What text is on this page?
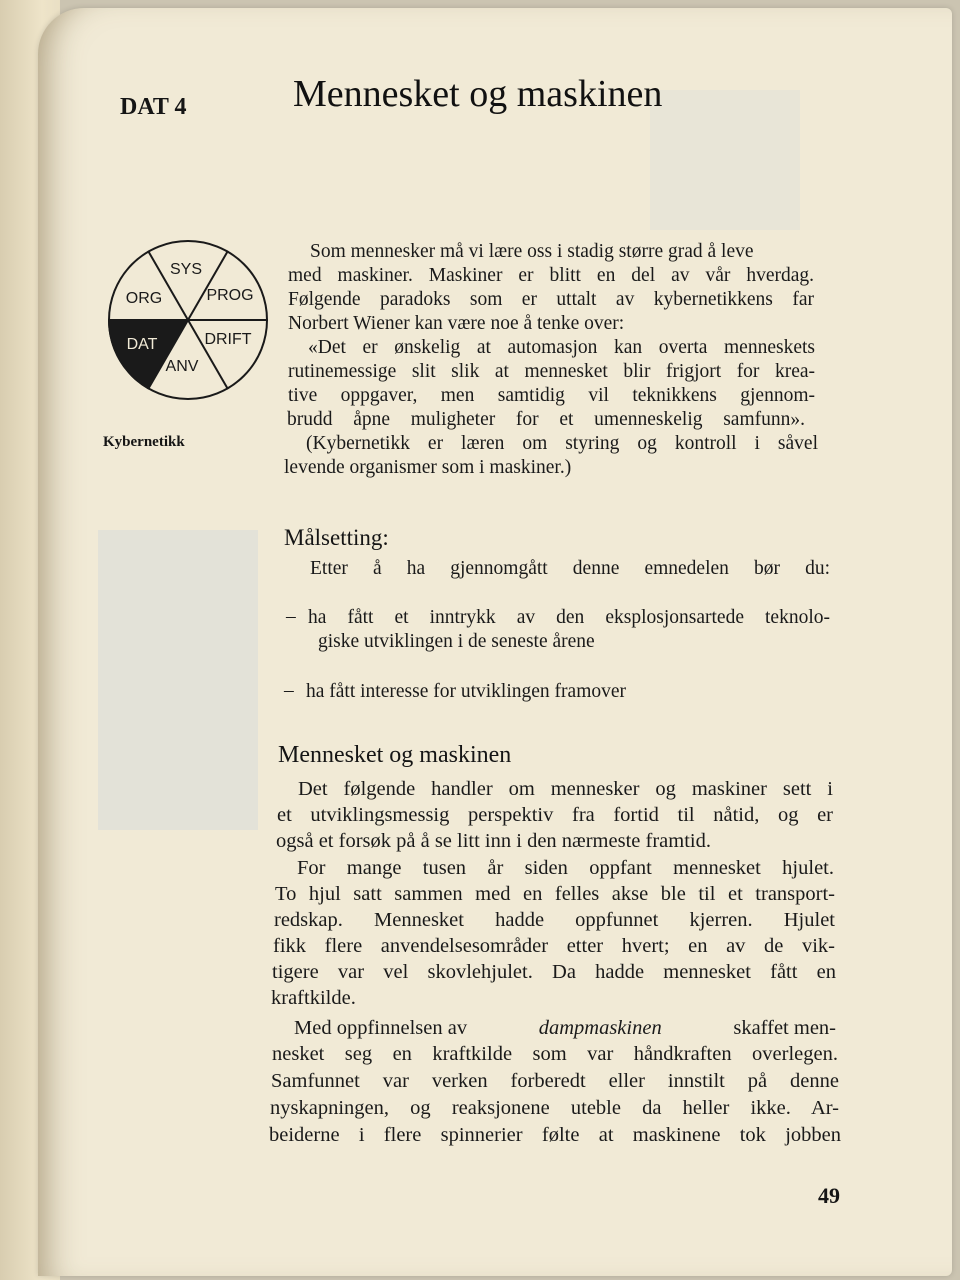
DAT 4	Mennesket og maskinen
SYS
PROG
DRIFT
ANV
DAT
ORG
Kybernetikk

Som mennesker må vi lære oss i stadig større grad å leve

med maskiner. Maskiner er blitt en del av vår hverdag.

Følgende paradoks som er uttalt av kybernetikkens far

Norbert Wiener kan være noe å tenke over:

«Det er ønskelig at automasjon kan overta menneskets

rutinemessige slit slik at mennesket blir frigjort for krea-

tive oppgaver, men samtidig vil teknikkens gjennom-

brudd åpne muligheter for et umenneskelig samfunn».

(Kybernetikk er læren om styring og kontroll i såvel

levende organismer som i maskiner.)

Målsetting:

Etter å ha gjennomgått denne emnedelen bør du:

– ha fått et inntrykk av den eksplosjonsartede teknolo-

giske utviklingen i de seneste årene

– ha fått interesse for utviklingen framover

Mennesket og maskinen

Det følgende handler om mennesker og maskiner sett i

et utviklingsmessig perspektiv fra fortid til nåtid, og er

også et forsøk på å se litt inn i den nærmeste framtid.

For mange tusen år siden oppfant mennesket hjulet.

To hjul satt sammen med en felles akse ble til et transport-

redskap. Mennesket hadde oppfunnet kjerren. Hjulet

fikk flere anvendelsesområder etter hvert; en av de vik-

tigere var vel skovlehjulet. Da hadde mennesket fått en

kraftkilde.

Med oppfinnelsen av	dampmaskinen	skaffet men-

nesket seg en kraftkilde som var håndkraften overlegen.

Samfunnet var verken forberedt eller innstilt på denne

nyskapningen, og reaksjonene uteble da heller ikke. Ar-

beiderne i flere spinnerier følte at maskinene tok jobben

49
